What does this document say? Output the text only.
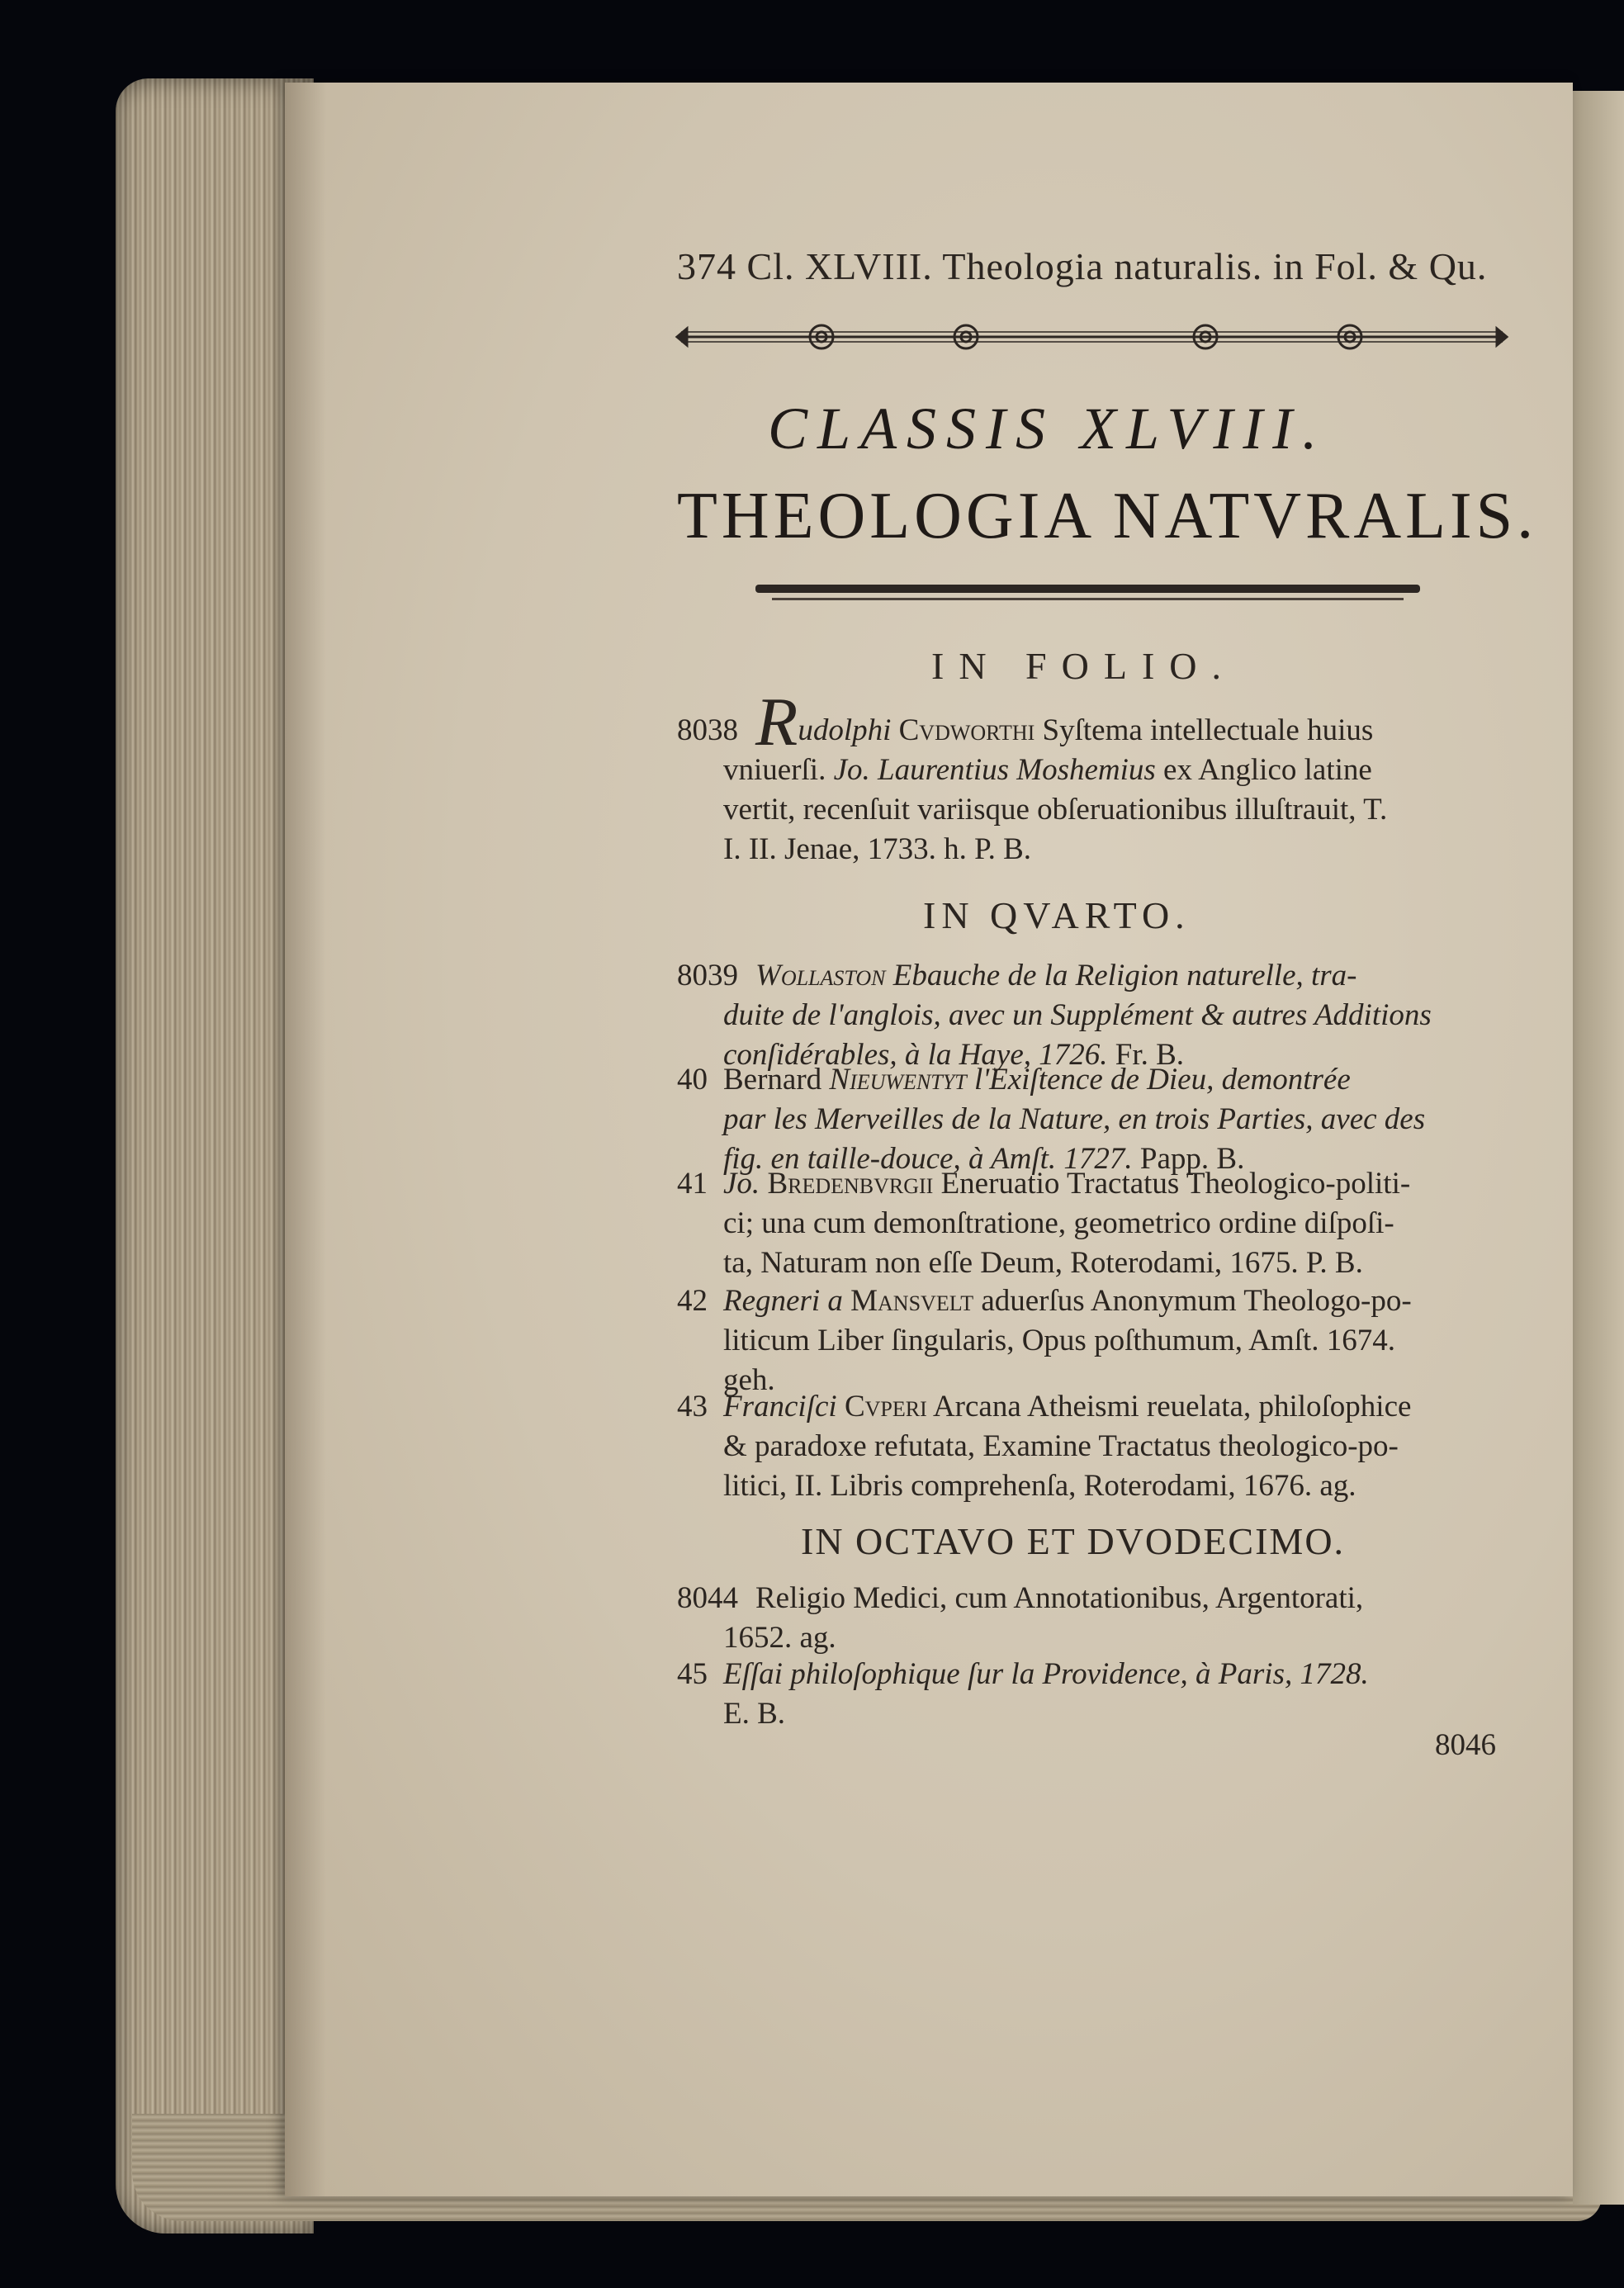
374 Cl. XLVIII. Theologia naturalis. in Fol. & Qu.
CLASSIS XLVIII.
THEOLOGIA NATVRALIS.
IN FOLIO.
8038 Rudolphi Cvdworthi Syſtema intellectuale huius
vniuerſi. Jo. Laurentius Moshemius ex Anglico latine
vertit, recenſuit variisque obſeruationibus illuſtrauit, T.
I. II. Jenae, 1733. h. P. B.
IN QVARTO.
8039 Wollaston Ebauche de la Religion naturelle, tra-
duite de l'anglois, avec un Supplément & autres Additions
conſidérables, à la Haye, 1726. Fr. B.
40 Bernard Nieuwentyt l'Exiſtence de Dieu, demontrée
par les Merveilles de la Nature, en trois Parties, avec des
fig. en taille-douce, à Amſt. 1727. Papp. B.
41 Jo. Bredenbvrgii Eneruatio Tractatus Theologico-politi-
ci; una cum demonſtratione, geometrico ordine diſpoſi-
ta, Naturam non eſſe Deum, Roterodami, 1675. P. B.
42 Regneri a Mansvelt aduerſus Anonymum Theologo-po-
liticum Liber ſingularis, Opus poſthumum, Amſt. 1674.
geh.
43 Franciſci Cvperi Arcana Atheismi reuelata, philoſophice
& paradoxe refutata, Examine Tractatus theologico-po-
litici, II. Libris comprehenſa, Roterodami, 1676. ag.
IN OCTAVO ET DVODECIMO.
8044 Religio Medici, cum Annotationibus, Argentorati,
1652. ag.
45 Eſſai philoſophique ſur la Providence, à Paris, 1728.
E. B.
8046
